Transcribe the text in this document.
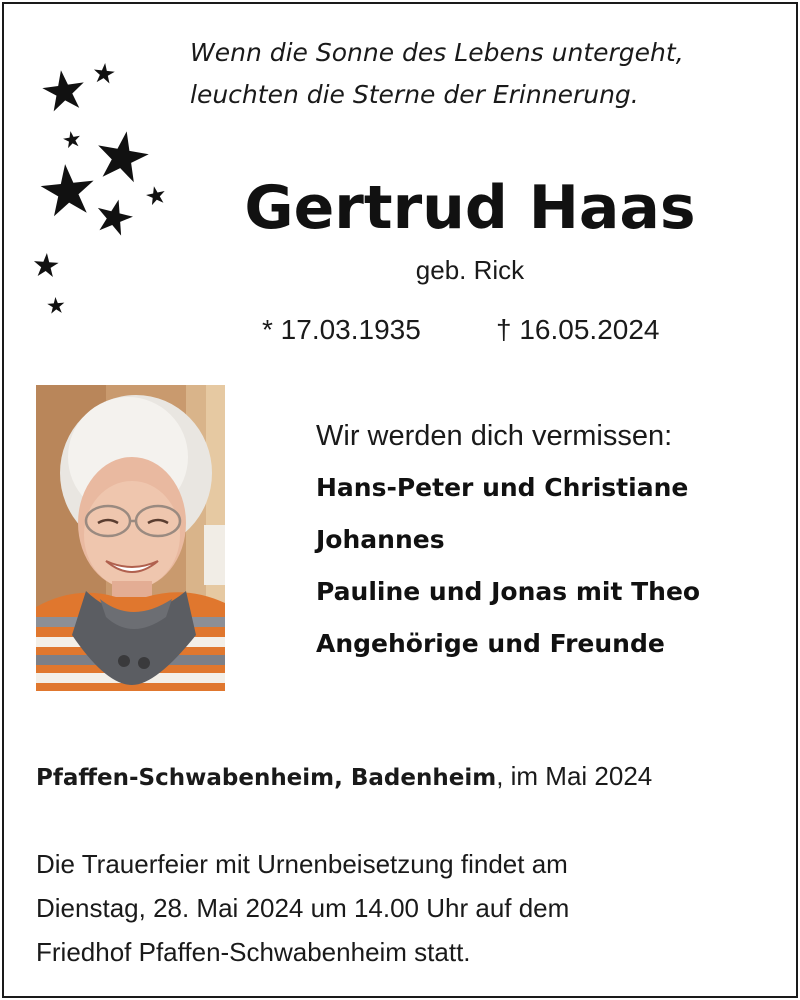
Wenn die Sonne des Lebens untergeht,
leuchten die Sterne der Erinnerung.
Gertrud Haas
geb. Rick
* 17.03.1935	† 16.05.2024
Wir werden dich vermissen:
Hans-Peter und Christiane
Johannes
Pauline und Jonas mit Theo
Angehörige und Freunde
Pfaffen-Schwabenheim, Badenheim, im Mai 2024
Die Trauerfeier mit Urnenbeisetzung findet am
Dienstag, 28. Mai 2024 um 14.00 Uhr auf dem
Friedhof Pfaffen-Schwabenheim statt.
